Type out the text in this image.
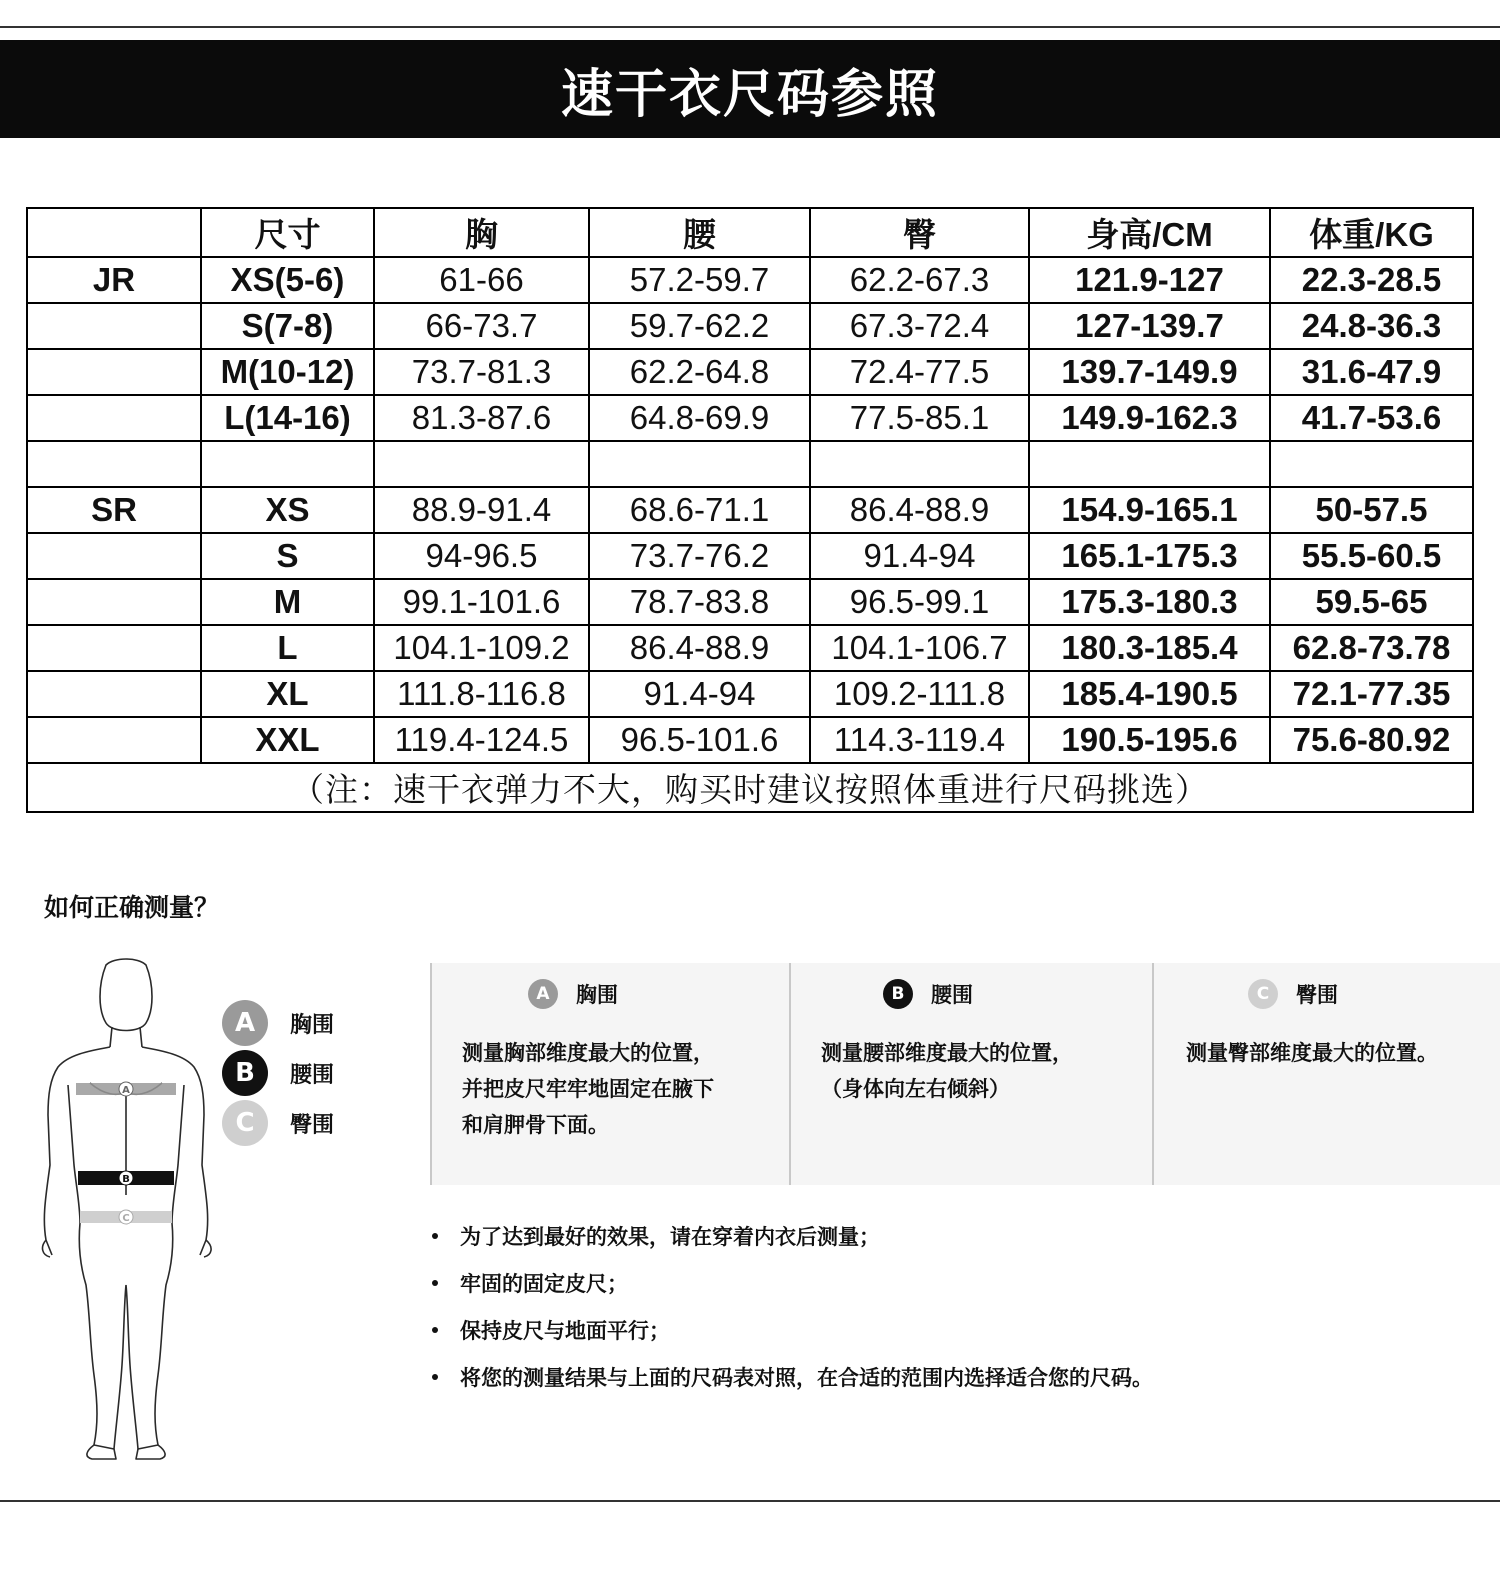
速干衣尺码参照
	尺寸	胸	腰	臀	身高/CM	体重/KG
JR	XS(5-6)	61-66	57.2-59.7	62.2-67.3	121.9-127	22.3-28.5
	S(7-8)	66-73.7	59.7-62.2	67.3-72.4	127-139.7	24.8-36.3
	M(10-12)	73.7-81.3	62.2-64.8	72.4-77.5	139.7-149.9	31.6-47.9
	L(14-16)	81.3-87.6	64.8-69.9	77.5-85.1	149.9-162.3	41.7-53.6

SR	XS	88.9-91.4	68.6-71.1	86.4-88.9	154.9-165.1	50-57.5
	S	94-96.5	73.7-76.2	91.4-94	165.1-175.3	55.5-60.5
	M	99.1-101.6	78.7-83.8	96.5-99.1	175.3-180.3	59.5-65
	L	104.1-109.2	86.4-88.9	104.1-106.7	180.3-185.4	62.8-73.78
	XL	111.8-116.8	91.4-94	109.2-111.8	185.4-190.5	72.1-77.35
	XXL	119.4-124.5	96.5-101.6	114.3-119.4	190.5-195.6	75.6-80.92
（注：速干衣弹力不大，购买时建议按照体重进行尺码挑选）						
如何正确测量？
A
B
C
A	胸围
B	腰围
C	臀围
A	胸围
测量胸部维度最大的位置，
并把皮尺牢牢地固定在腋下
和肩胛骨下面。
B	腰围
测量腰部维度最大的位置，
（身体向左右倾斜）
C	臀围
测量臀部维度最大的位置。
为了达到最好的效果，请在穿着内衣后测量；
牢固的固定皮尺；
保持皮尺与地面平行；
将您的测量结果与上面的尺码表对照，在合适的范围内选择适合您的尺码。
